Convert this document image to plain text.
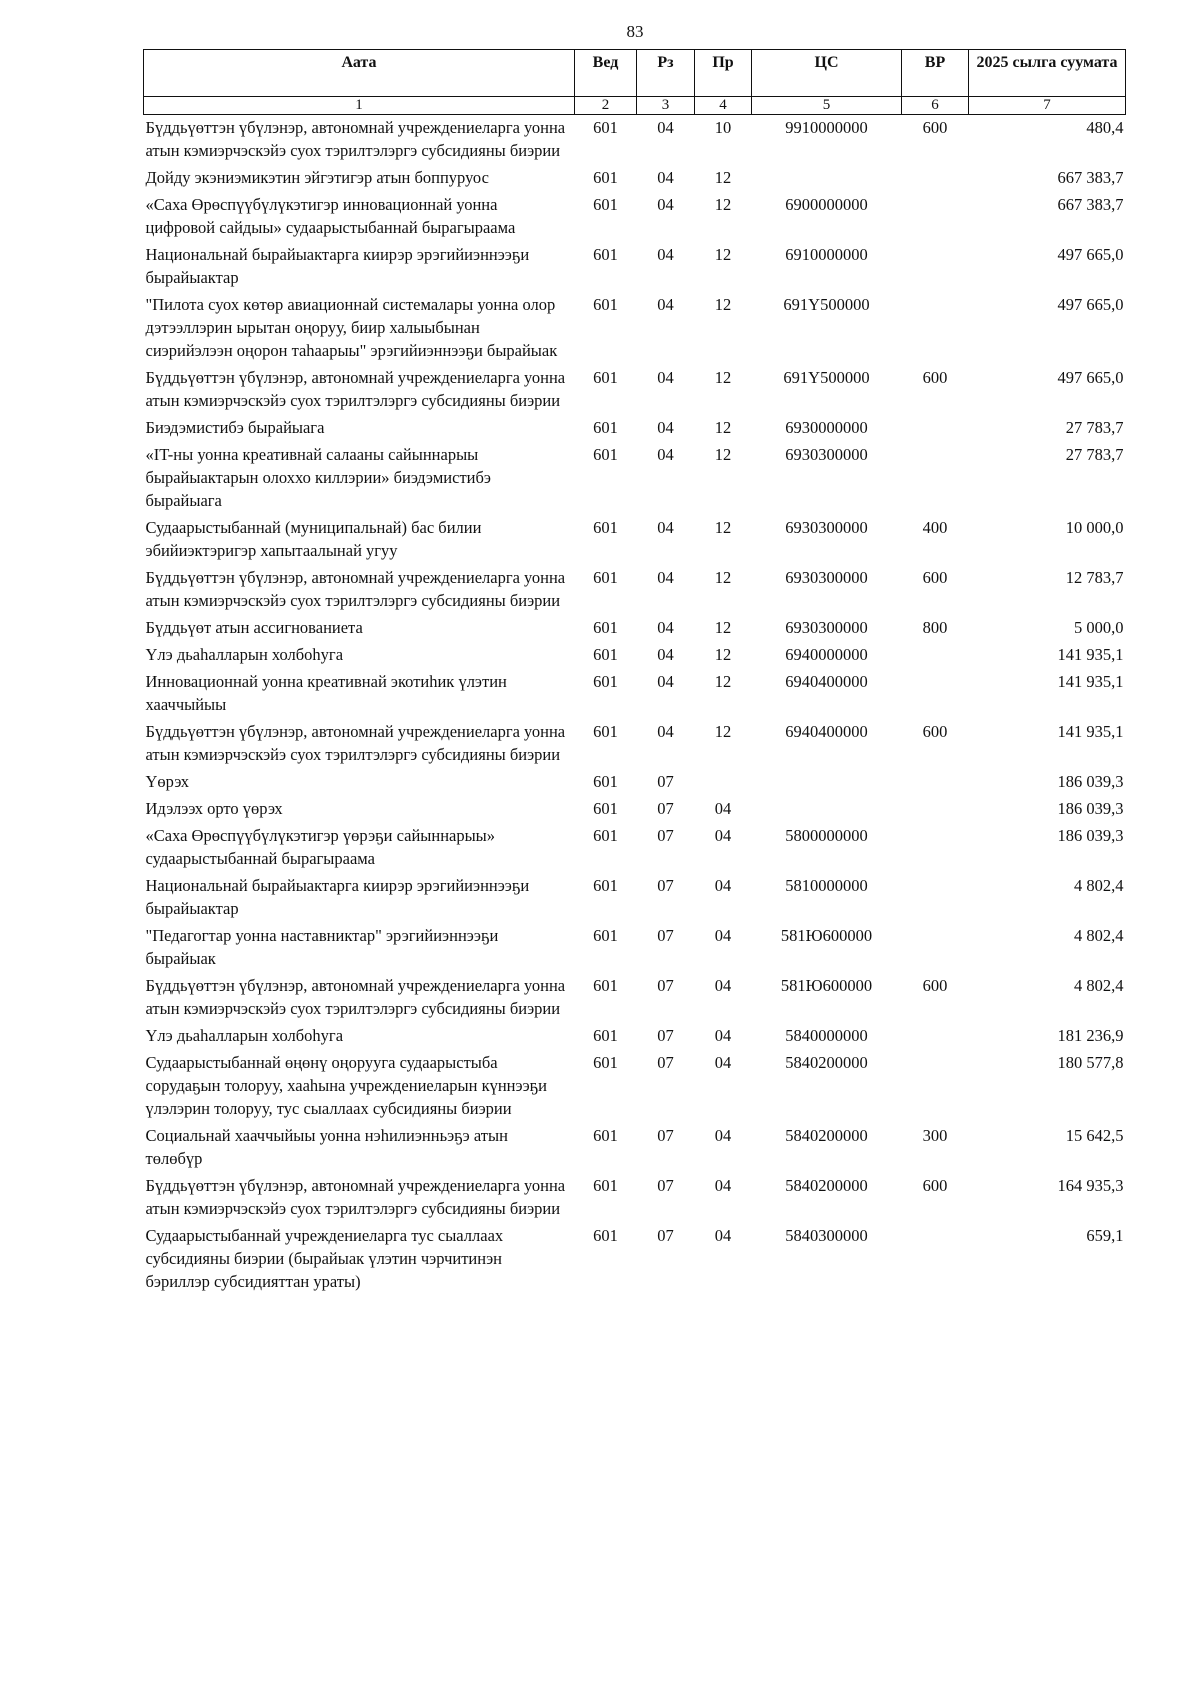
83
Аата	Вед	Рз	Пр	ЦС	ВР	2025 сылга суумата
1	2	3	4	5	6	7
Бүддьүөттэн үбүлэнэр, автономнай учреждениеларга уонна атын кэмиэрчэскэйэ суох тэрилтэлэргэ субсидияны биэрии	601	04	10	9910000000	600	480,4
Дойду экэниэмикэтин эйгэтигэр атын боппуруос	601	04	12			667 383,7
«Саха Өрөспүүбүлүкэтигэр инновационнай уонна цифровой сайдыы» судаарыстыбаннай бырагыраама	601	04	12	6900000000		667 383,7
Национальнай бырайыактарга киирэр эрэгийиэннээҕи бырайыактар	601	04	12	6910000000		497 665,0
"Пилота суох көтөр авиационнай системалары уонна олор дэтээллэрин ырытан оңоруу, биир халыыбынан сиэрийэлээн оңорон таһаарыы" эрэгийиэннээҕи бырайыак	601	04	12	691Y500000		497 665,0
Бүддьүөттэн үбүлэнэр, автономнай учреждениеларга уонна атын кэмиэрчэскэйэ суох тэрилтэлэргэ субсидияны биэрии	601	04	12	691Y500000	600	497 665,0
Биэдэмистибэ бырайыага	601	04	12	6930000000		27 783,7
«IT-ны уонна креативнай салааны сайыннарыы бырайыактарын олоххо киллэрии» биэдэмистибэ бырайыага	601	04	12	6930300000		27 783,7
Судаарыстыбаннай (муниципальнай) бас билии эбийиэктэригэр хапытаалынай угуу	601	04	12	6930300000	400	10 000,0
Бүддьүөттэн үбүлэнэр, автономнай учреждениеларга уонна атын кэмиэрчэскэйэ суох тэрилтэлэргэ субсидияны биэрии	601	04	12	6930300000	600	12 783,7
Бүддьүөт атын ассигнованиета	601	04	12	6930300000	800	5 000,0
Үлэ дьаһалларын холбоһуга	601	04	12	6940000000		141 935,1
Инновационнай уонна креативнай экотиһик үлэтин хааччыйыы	601	04	12	6940400000		141 935,1
Бүддьүөттэн үбүлэнэр, автономнай учреждениеларга уонна атын кэмиэрчэскэйэ суох тэрилтэлэргэ субсидияны биэрии	601	04	12	6940400000	600	141 935,1
Үөрэх	601	07				186 039,3
Идэлээх орто үөрэх	601	07	04			186 039,3
«Саха Өрөспүүбүлүкэтигэр үөрэҕи сайыннарыы» судаарыстыбаннай бырагыраама	601	07	04	5800000000		186 039,3
Национальнай бырайыактарга киирэр эрэгийиэннээҕи бырайыактар	601	07	04	5810000000		4 802,4
"Педагогтар уонна наставниктар" эрэгийиэннээҕи бырайыак	601	07	04	581Ю600000		4 802,4
Бүддьүөттэн үбүлэнэр, автономнай учреждениеларга уонна атын кэмиэрчэскэйэ суох тэрилтэлэргэ субсидияны биэрии	601	07	04	581Ю600000	600	4 802,4
Үлэ дьаһалларын холбоһуга	601	07	04	5840000000		181 236,9
Судаарыстыбаннай өңөнү оңорууга судаарыстыба сорудаҕын толоруу, хааһына учреждениеларын күннээҕи үлэлэрин толоруу, тус сыаллаах субсидияны биэрии	601	07	04	5840200000		180 577,8
Социальнай хааччыйыы уонна нэһилиэнньэҕэ атын төлөбүр	601	07	04	5840200000	300	15 642,5
Бүддьүөттэн үбүлэнэр, автономнай учреждениеларга уонна атын кэмиэрчэскэйэ суох тэрилтэлэргэ субсидияны биэрии	601	07	04	5840200000	600	164 935,3
Судаарыстыбаннай учреждениеларга тус сыаллаах субсидияны биэрии (бырайыак үлэтин чэрчитинэн бэриллэр субсидияттан ураты)	601	07	04	5840300000		659,1
